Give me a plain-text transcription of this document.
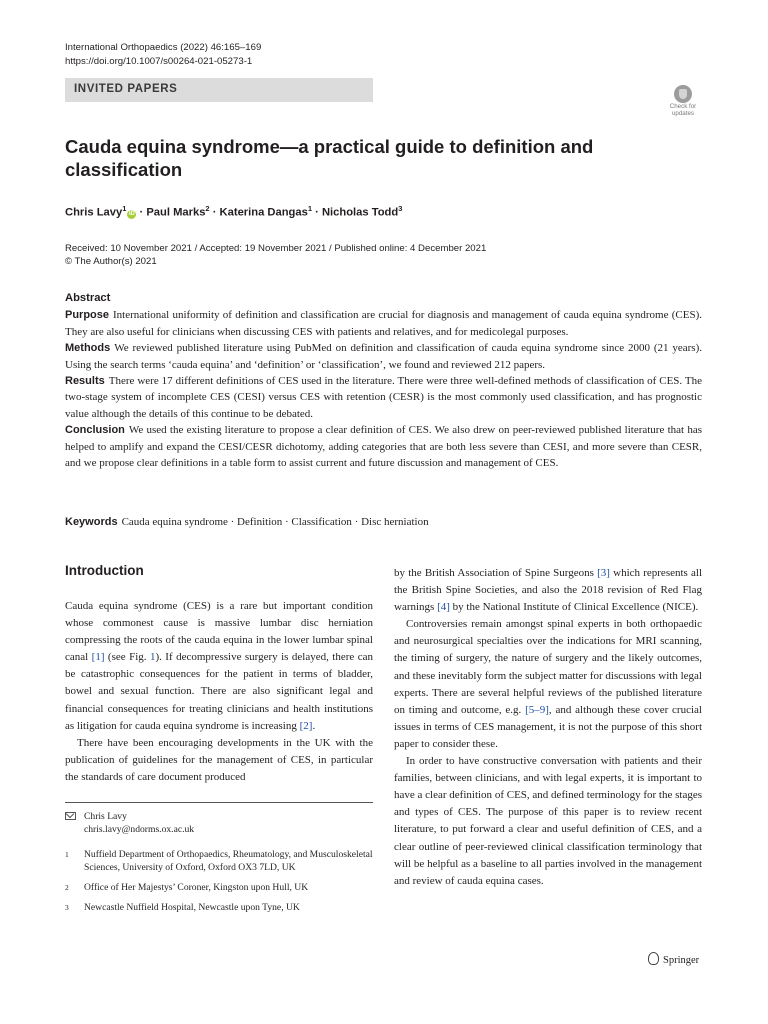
International Orthopaedics (2022) 46:165–169
https://doi.org/10.1007/s00264-021-05273-1
INVITED PAPERS
Check for updates
Cauda equina syndrome—a practical guide to definition and classification
Chris Lavy$^1$iD · Paul Marks$^2$ · Katerina Dangas$^1$ · Nicholas Todd$^3$
Received: 10 November 2021 / Accepted: 19 November 2021 / Published online: 4 December 2021
© The Author(s) 2021
Abstract

Purpose International uniformity of definition and classification are crucial for diagnosis and management of cauda equina syndrome (CES). They are also useful for clinicians when discussing CES with patients and relatives, and for medicolegal purposes.

Methods We reviewed published literature using PubMed on definition and classification of cauda equina syndrome since 2000 (21 years). Using the search terms ‘cauda equina’ and ‘definition’ or ‘classification’, we found and reviewed 212 papers.

Results There were 17 different definitions of CES used in the literature. There were three well-defined methods of classification of CES. The two-stage system of incomplete CES (CESI) versus CES with retention (CESR) is the most commonly used classification, and has prognostic value although the details of this continue to be debated.

Conclusion We used the existing literature to propose a clear definition of CES. We also drew on peer-reviewed published literature that has helped to amplify and expand the CESI/CESR dichotomy, adding categories that are both less severe than CESI, and more severe than CESR, and we propose clear definitions in a table form to assist current and future discussion and management of CES.

Keywords Cauda equina syndrome · Definition · Classification · Disc herniation
Introduction

Cauda equina syndrome (CES) is a rare but important condition whose commonest cause is massive lumbar disc herniation compressing the roots of the cauda equina in the lower lumbar spinal canal [1] (see Fig. 1). If decompressive surgery is delayed, there can be catastrophic consequences for the patient in terms of bladder, bowel and sexual function. There are also significant legal and financial consequences for treating clinicians and health institutions as litigation for cauda equina syndrome is increasing [2].

There have been encouraging developments in the UK with the publication of guidelines for the management of CES, in particular the standards of care document produced

by the British Association of Spine Surgeons [3] which represents all the British Spine Societies, and also the 2018 revision of Red Flag warnings [4] by the National Institute of Clinical Excellence (NICE).

Controversies remain amongst spinal experts in both orthopaedic and neurosurgical specialties over the indications for MRI scanning, the timing of surgery, the nature of surgery and the likely outcomes, and these inevitably form the subject matter for discussions with legal experts. There are several helpful reviews of the published literature on timing and outcome, e.g. [5–9], and although these cover crucial issues in terms of CES management, it is not the purpose of this short paper to consider these.

In order to have constructive conversation with patients and their families, between clinicians, and with legal experts, it is important to have a clear definition of CES, and defined terminology for the stages and types of CES. The purpose of this paper is to review recent literature, to put forward a clear and useful definition of CES, and a clear outline of peer-reviewed clinical classification terminology that will be helpful as a baseline to all parties involved in the management and review of cauda equina cases.

Chris Lavy
chris.lavy@ndorms.ox.ac.uk
1 Nuffield Department of Orthopaedics, Rheumatology, and Musculoskeletal Sciences, University of Oxford, Oxford OX3 7LD, UK
2 Office of Her Majestys’ Coroner, Kingston upon Hull, UK
3 Newcastle Nuffield Hospital, Newcastle upon Tyne, UK
Springer
